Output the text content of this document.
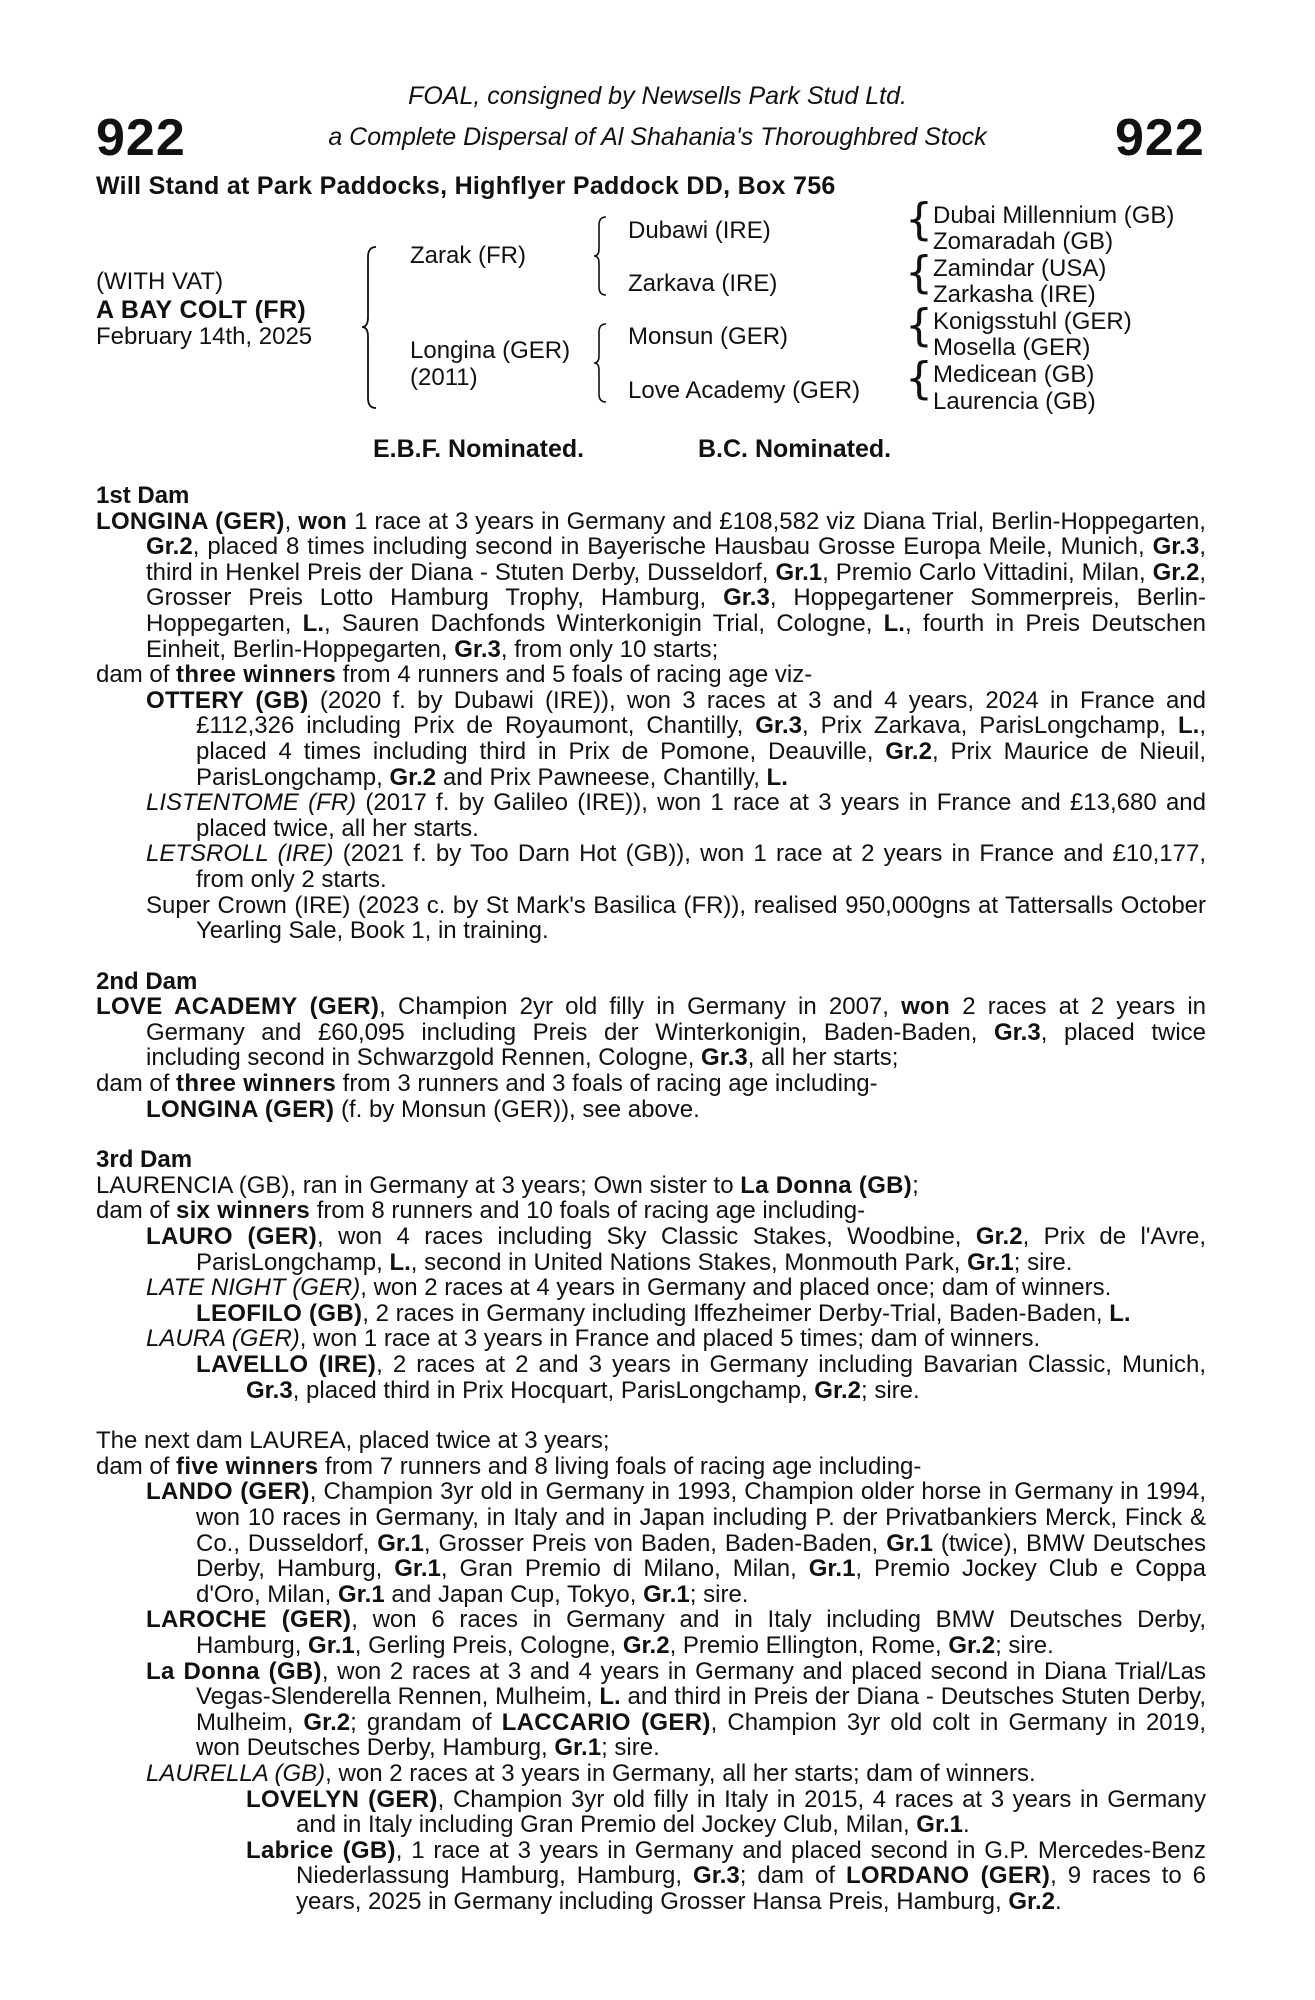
922	922
FOAL, consigned by Newsells Park Stud Ltd.
a Complete Dispersal of Al Shahania's Thoroughbred Stock
Will Stand at Park Paddocks, Highflyer Paddock DD, Box 756
(WITH VAT)
A BAY COLT (FR)
February 14th, 2025
Zarak (FR)
Longina (GER)
(2011)
Dubawi (IRE)
Zarkava (IRE)
Monsun (GER)
Love Academy (GER)
{
{
{
{
Dubai Millennium (GB)
Zomaradah (GB)
Zamindar (USA)
Zarkasha (IRE)
Konigsstuhl (GER)
Mosella (GER)
Medicean (GB)
Laurencia (GB)
E.B.F. Nominated.	B.C. Nominated.

1st Dam

LONGINA (GER), won 1 race at 3 years in Germany and £108,582 viz Diana Trial, Berlin-Hoppegarten, Gr.2, placed 8 times including second in Bayerische Hausbau Grosse Europa Meile, Munich, Gr.3, third in Henkel Preis der Diana - Stuten Derby, Dusseldorf, Gr.1, Premio Carlo Vittadini, Milan, Gr.2, Grosser Preis Lotto Hamburg Trophy, Hamburg, Gr.3, Hoppegartener Sommerpreis, Berlin-Hoppegarten, L., Sauren Dachfonds Winterkonigin Trial, Cologne, L., fourth in Preis Deutschen Einheit, Berlin-Hoppegarten, Gr.3, from only 10 starts;

dam of three winners from 4 runners and 5 foals of racing age viz-

OTTERY (GB) (2020 f. by Dubawi (IRE)), won 3 races at 3 and 4 years, 2024 in France and £112,326 including Prix de Royaumont, Chantilly, Gr.3, Prix Zarkava, ParisLongchamp, L., placed 4 times including third in Prix de Pomone, Deauville, Gr.2, Prix Maurice de Nieuil, ParisLongchamp, Gr.2 and Prix Pawneese, Chantilly, L.

LISTENTOME (FR) (2017 f. by Galileo (IRE)), won 1 race at 3 years in France and £13,680 and placed twice, all her starts.

LETSROLL (IRE) (2021 f. by Too Darn Hot (GB)), won 1 race at 2 years in France and £10,177, from only 2 starts.

Super Crown (IRE) (2023 c. by St Mark's Basilica (FR)), realised 950,000gns at Tattersalls October Yearling Sale, Book 1, in training.

2nd Dam

LOVE ACADEMY (GER), Champion 2yr old filly in Germany in 2007, won 2 races at 2 years in Germany and £60,095 including Preis der Winterkonigin, Baden-Baden, Gr.3, placed twice including second in Schwarzgold Rennen, Cologne, Gr.3, all her starts;

dam of three winners from 3 runners and 3 foals of racing age including-

LONGINA (GER) (f. by Monsun (GER)), see above.

3rd Dam

LAURENCIA (GB), ran in Germany at 3 years; Own sister to La Donna (GB);

dam of six winners from 8 runners and 10 foals of racing age including-

LAURO (GER), won 4 races including Sky Classic Stakes, Woodbine, Gr.2, Prix de l'Avre, ParisLongchamp, L., second in United Nations Stakes, Monmouth Park, Gr.1; sire.

LATE NIGHT (GER), won 2 races at 4 years in Germany and placed once; dam of winners.

LEOFILO (GB), 2 races in Germany including Iffezheimer Derby-Trial, Baden-Baden, L.

LAURA (GER), won 1 race at 3 years in France and placed 5 times; dam of winners.

LAVELLO (IRE), 2 races at 2 and 3 years in Germany including Bavarian Classic, Munich, Gr.3, placed third in Prix Hocquart, ParisLongchamp, Gr.2; sire.

The next dam LAUREA, placed twice at 3 years;

dam of five winners from 7 runners and 8 living foals of racing age including-

LANDO (GER), Champion 3yr old in Germany in 1993, Champion older horse in Germany in 1994, won 10 races in Germany, in Italy and in Japan including P. der Privatbankiers Merck, Finck & Co., Dusseldorf, Gr.1, Grosser Preis von Baden, Baden-Baden, Gr.1 (twice), BMW Deutsches Derby, Hamburg, Gr.1, Gran Premio di Milano, Milan, Gr.1, Premio Jockey Club e Coppa d'Oro, Milan, Gr.1 and Japan Cup, Tokyo, Gr.1; sire.

LAROCHE (GER), won 6 races in Germany and in Italy including BMW Deutsches Derby, Hamburg, Gr.1, Gerling Preis, Cologne, Gr.2, Premio Ellington, Rome, Gr.2; sire.

La Donna (GB), won 2 races at 3 and 4 years in Germany and placed second in Diana Trial/Las Vegas-Slenderella Rennen, Mulheim, L. and third in Preis der Diana - Deutsches Stuten Derby, Mulheim, Gr.2; grandam of LACCARIO (GER), Champion 3yr old colt in Germany in 2019, won Deutsches Derby, Hamburg, Gr.1; sire.

LAURELLA (GB), won 2 races at 3 years in Germany, all her starts; dam of winners.

LOVELYN (GER), Champion 3yr old filly in Italy in 2015, 4 races at 3 years in Germany and in Italy including Gran Premio del Jockey Club, Milan, Gr.1.

Labrice (GB), 1 race at 3 years in Germany and placed second in G.P. Mercedes-Benz Niederlassung Hamburg, Hamburg, Gr.3; dam of LORDANO (GER), 9 races to 6 years, 2025 in Germany including Grosser Hansa Preis, Hamburg, Gr.2.
